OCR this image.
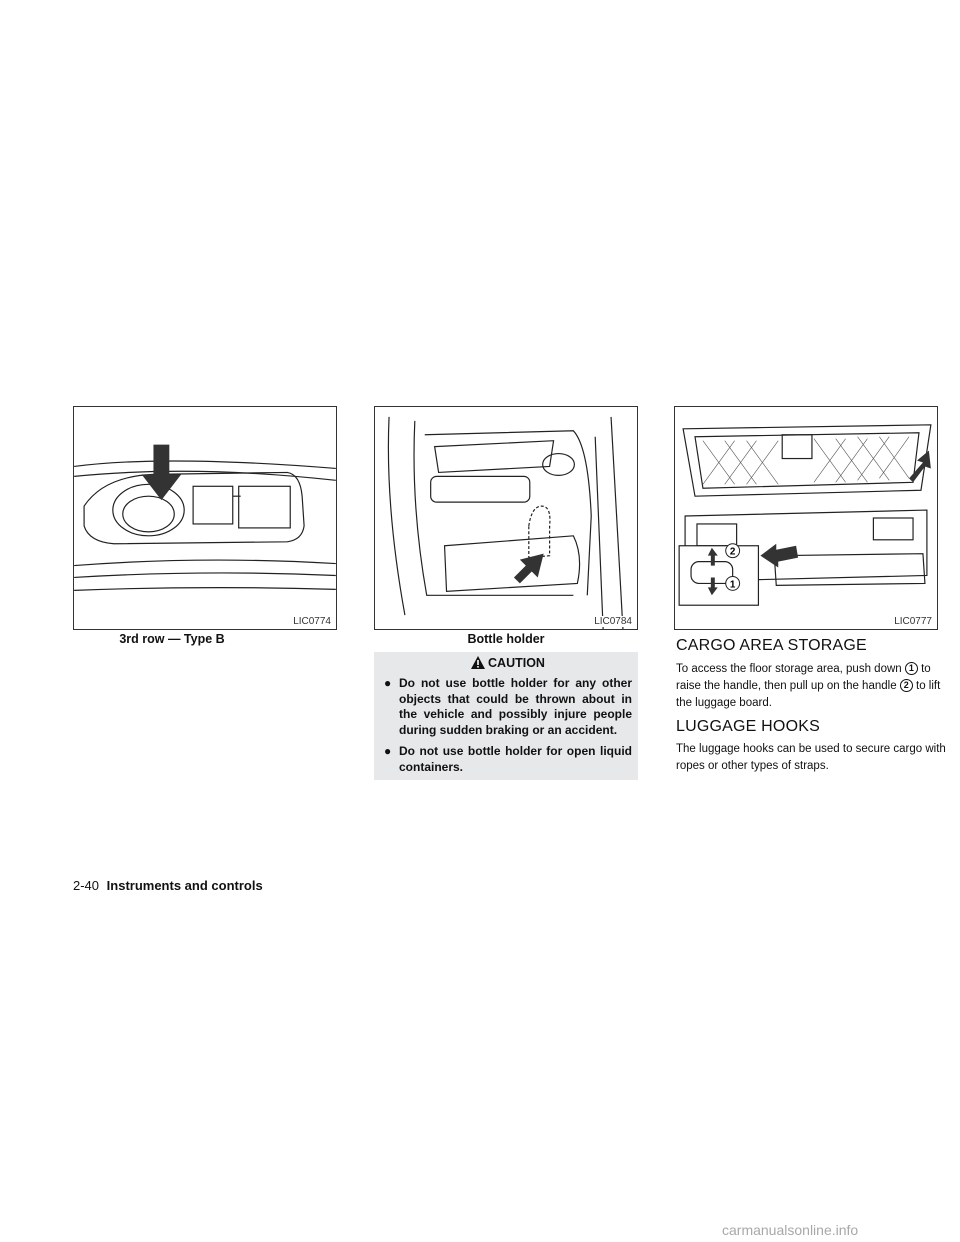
LIC0774	LIC0784
2
1
LIC0777
3rd row — Type B	Bottle holder
CAUTION
● Do not use bottle holder for any other objects that could be thrown about in the vehicle and possibly injure people during sudden braking or an accident.
● Do not use bottle holder for open liquid containers.
CARGO AREA STORAGE
To access the floor storage area, push down 1 to raise the handle, then pull up on the handle 2 to lift the luggage board.
LUGGAGE HOOKS
The luggage hooks can be used to secure cargo with ropes or other types of straps.
2-40 Instruments and controls
carmanualsonline.info
